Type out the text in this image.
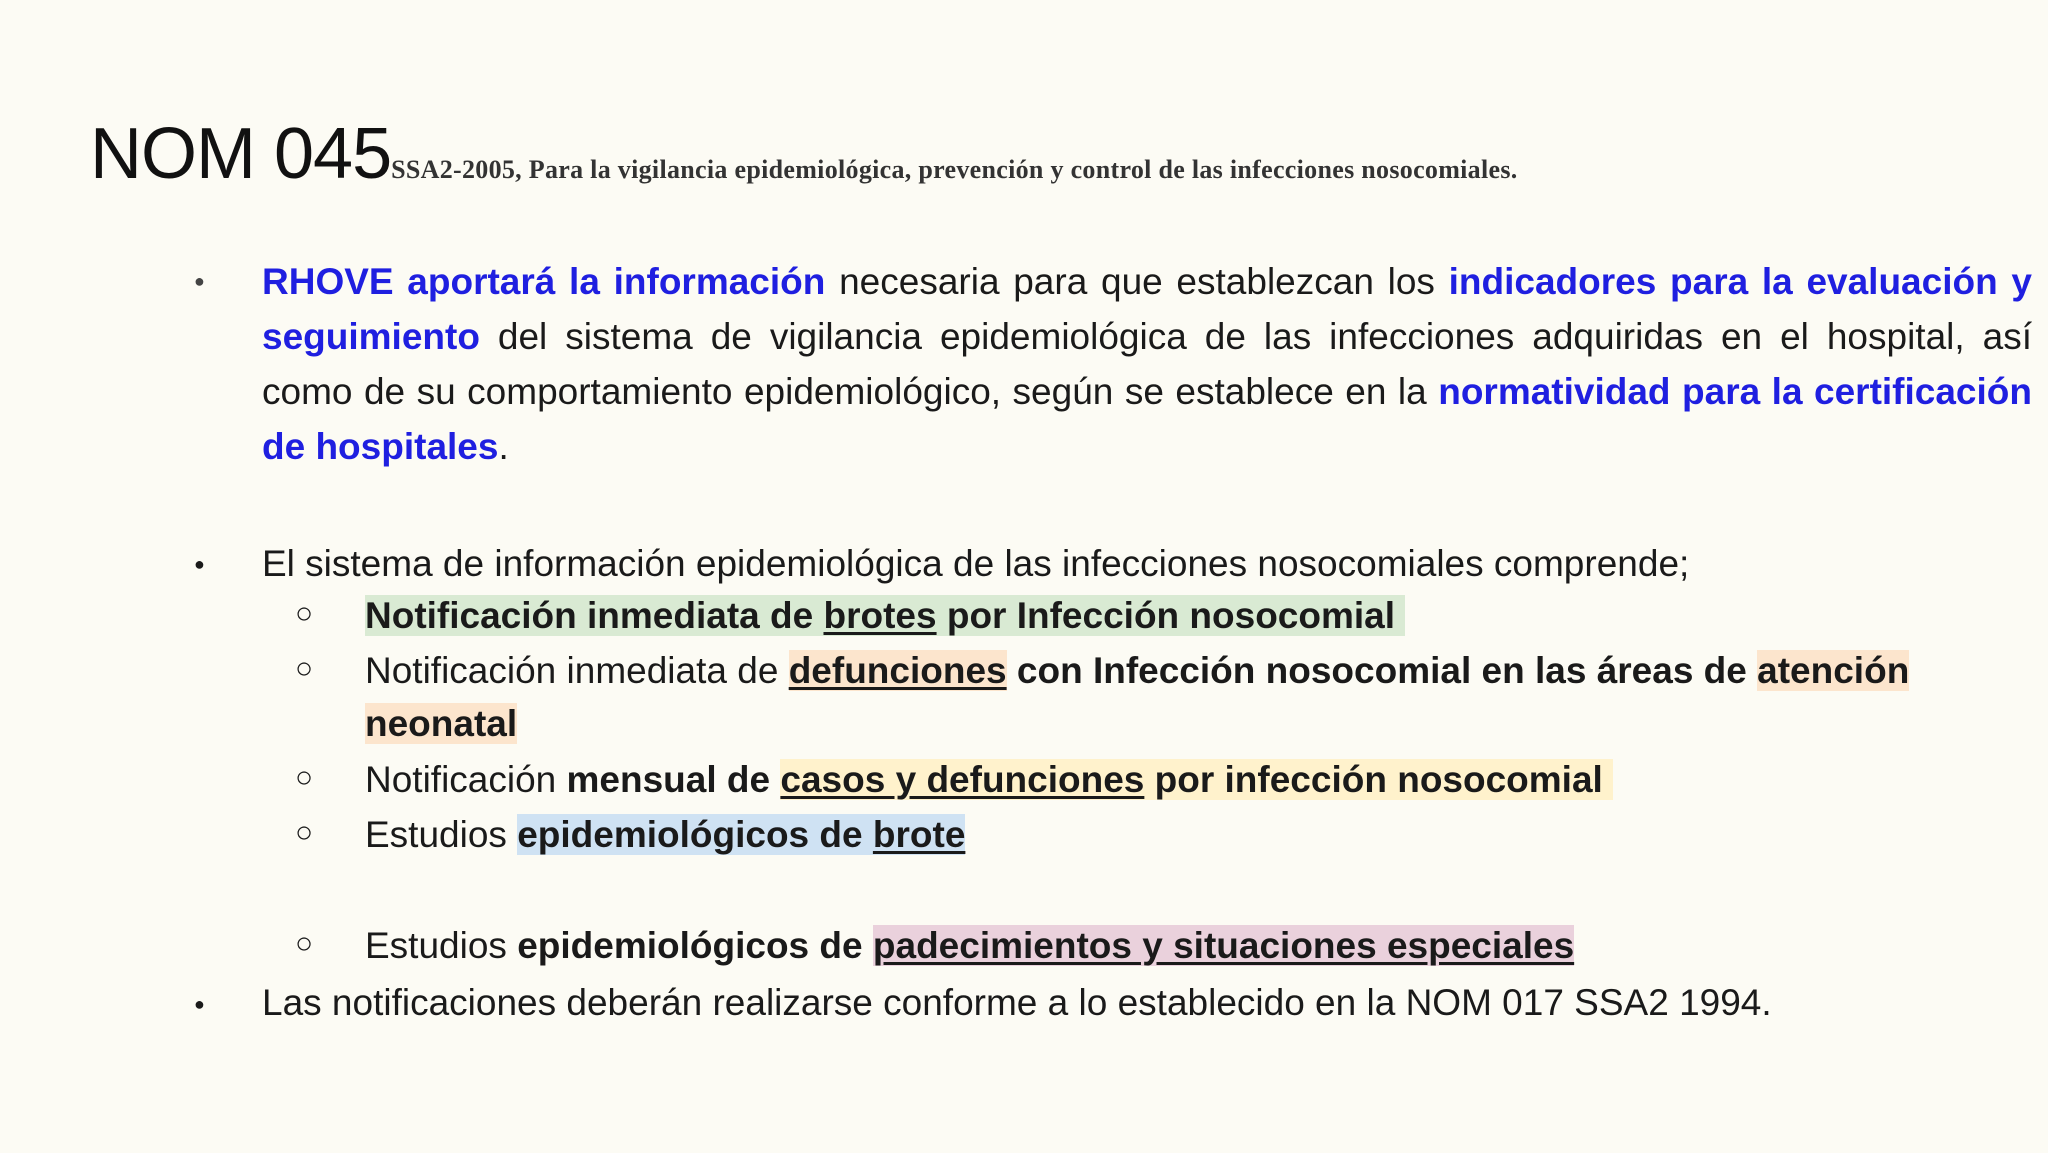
NOM 045SSA2-2005, Para la vigilancia epidemiológica, prevención y control de las infecciones nosocomiales.
● RHOVE aportará la información necesaria para que establezcan los indicadores para la evaluación y seguimiento del sistema de vigilancia epidemiológica de las infecciones adquiridas en el hospital, así como de su comportamiento epidemiológico, según se establece en la normatividad para la certificación de hospitales.
● El sistema de información epidemiológica de las infecciones nosocomiales comprende;
○ Notificación inmediata de brotes por Infección nosocomial
○ Notificación inmediata de defunciones con Infección nosocomial en las áreas de atención
neonatal
○ Notificación mensual de casos y defunciones por infección nosocomial
○ Estudios epidemiológicos de brote
○ Estudios epidemiológicos de padecimientos y situaciones especiales
● Las notificaciones deberán realizarse conforme a lo establecido en la NOM 017 SSA2 1994.
